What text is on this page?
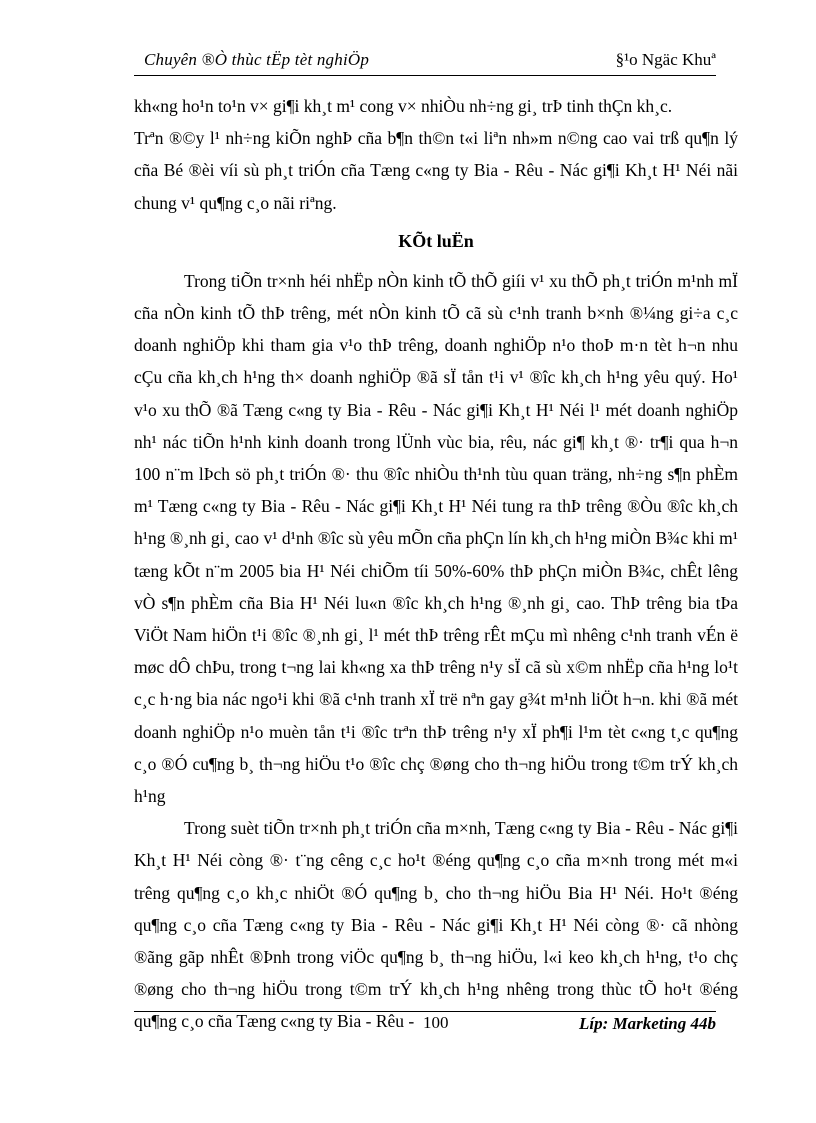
Chuyên ®Ò thùc tËp tèt nghiÖp	§¹o Ngäc Khuª

kh«ng ho¹n to¹n v× gi¶i kh¸t m¹ cong v× nhiÒu nh÷ng gi¸ trÞ tinh thÇn kh¸c.

Trªn ®©y l¹ nh÷ng kiÕn nghÞ cña b¶n th©n t«i liªn nh»m n©ng cao vai trß qu¶n lý cña Bé ®èi víi sù ph¸t triÓn cña Tæng c«ng ty Bia - Rêu - Nác gi¶i Kh¸t H¹ Néi nãi chung v¹ qu¶ng c¸o nãi riªng.

KÕt luËn

Trong tiÕn tr×nh héi nhËp nÒn kinh tÕ thÕ giíi v¹ xu thÕ ph¸t triÓn m¹nh mÏ cña nÒn kinh tÕ thÞ trêng, mét nÒn kinh tÕ cã sù c¹nh tranh b×nh ®¼ng gi÷a c¸c doanh nghiÖp khi tham gia v¹o thÞ trêng, doanh nghiÖp n¹o thoÞ m·n tèt h¬n nhu cÇu cña kh¸ch h¹ng th× doanh nghiÖp ®ã sÏ tån t¹i v¹ ®îc kh¸ch h¹ng yêu quý. Ho¹ v¹o xu thÕ ®ã Tæng c«ng ty Bia - Rêu - Nác gi¶i Kh¸t H¹ Néi l¹ mét doanh nghiÖp nh¹ nác tiÕn h¹nh kinh doanh trong lÜnh vùc bia, rêu, nác gi¶ kh¸t ®· tr¶i qua h¬n 100 n¨m lÞch sö ph¸t triÓn ®· thu ®îc nhiÒu th¹nh tùu quan träng, nh÷ng s¶n phÈm m¹ Tæng c«ng ty Bia - Rêu - Nác gi¶i Kh¸t H¹ Néi tung ra thÞ trêng ®Òu ®îc kh¸ch h¹ng ®¸nh gi¸ cao v¹ d¹nh ®îc sù yêu mÕn cña phÇn lín kh¸ch h¹ng miÒn B¾c khi m¹ tæng kÕt n¨m 2005 bia H¹ Néi chiÕm tíi 50%-60% thÞ phÇn miÒn B¾c, chÊt lêng vÒ s¶n phÈm cña Bia H¹ Néi lu«n ®îc kh¸ch h¹ng ®¸nh gi¸ cao. ThÞ trêng bia tÞa ViÖt Nam hiÖn t¹i ®îc ®¸nh gi¸ l¹ mét thÞ trêng rÊt mÇu mì nhêng c¹nh tranh vÉn ë møc dÔ chÞu, trong t¬ng lai kh«ng xa thÞ trêng n¹y sÏ cã sù x©m nhËp cña h¹ng lo¹t c¸c h·ng bia nác ngo¹i khi ®ã c¹nh tranh xÏ trë nªn gay g¾t m¹nh liÖt h¬n. khi ®ã mét doanh nghiÖp n¹o muèn tån t¹i ®îc trªn thÞ trêng n¹y xÏ ph¶i l¹m tèt c«ng t¸c qu¶ng c¸o ®Ó cu¶ng b¸ th¬ng hiÖu t¹o ®îc chç ®øng cho th¬ng hiÖu trong t©m trÝ kh¸ch h¹ng

Trong suèt tiÕn tr×nh ph¸t triÓn cña m×nh, Tæng c«ng ty Bia - Rêu - Nác gi¶i Kh¸t H¹ Néi còng ®· t¨ng cêng c¸c ho¹t ®éng qu¶ng c¸o cña m×nh trong mét m«i trêng qu¶ng c¸o kh¸c nhiÖt ®Ó qu¶ng b¸ cho th¬ng hiÖu Bia H¹ Néi. Ho¹t ®éng qu¶ng c¸o cña Tæng c«ng ty Bia - Rêu - Nác gi¶i Kh¸t H¹ Néi còng ®· cã nhòng ®ãng gãp nhÊt ®Þnh trong viÖc qu¶ng b¸ th¬ng hiÖu, l«i keo kh¸ch h¹ng, t¹o chç ®øng cho th¬ng hiÖu trong t©m trÝ kh¸ch h¹ng nhêng trong thùc tÕ ho¹t ®éng qu¶ng c¸o cña Tæng c«ng ty Bia - Rêu - 100	Líp: Marketing 44b
